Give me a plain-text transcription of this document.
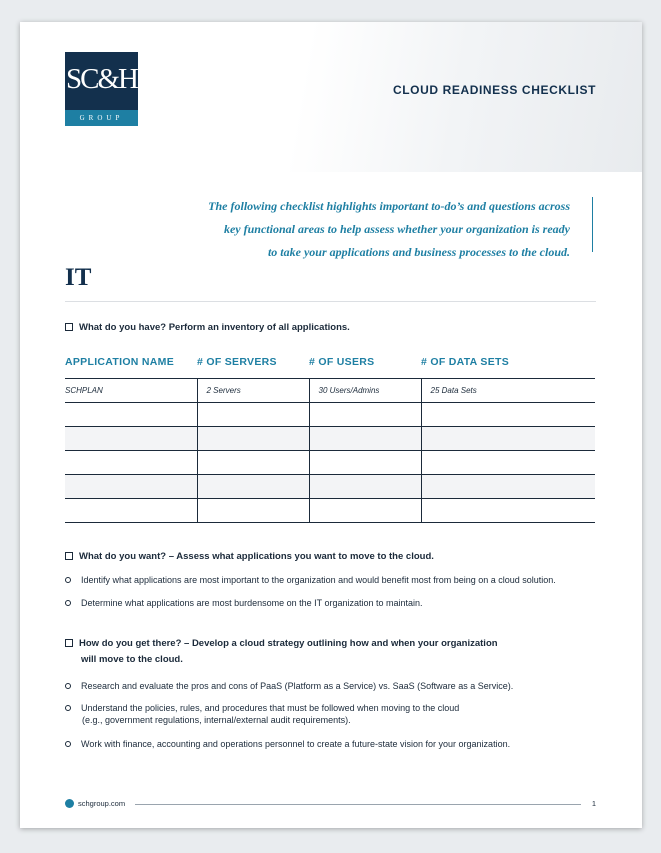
SC&H
GROUP
CLOUD READINESS CHECKLIST
The following checklist highlights important to-do’s and questions across
key functional areas to help assess whether your organization is ready
to take your applications and business processes to the cloud.
IT
What do you have? Perform an inventory of all applications.
APPLICATION NAME	# OF SERVERS	# OF USERS	# OF DATA SETS
SCHPLAN	2 Servers	30 Users/Admins	25 Data Sets

What do you want? – Assess what applications you want to move to the cloud.
Identify what applications are most important to the organization and would benefit most from being on a cloud solution.
Determine what applications are most burdensome on the IT organization to maintain.
How do you get there? – Develop a cloud strategy outlining how and when your organization
will move to the cloud.
Research and evaluate the pros and cons of PaaS (Platform as a Service) vs. SaaS (Software as a Service).
Understand the policies, rules, and procedures that must be followed when moving to the cloud
(e.g., government regulations, internal/external audit requirements).
Work with finance, accounting and operations personnel to create a future-state vision for your organization.
schgroup.com	1
